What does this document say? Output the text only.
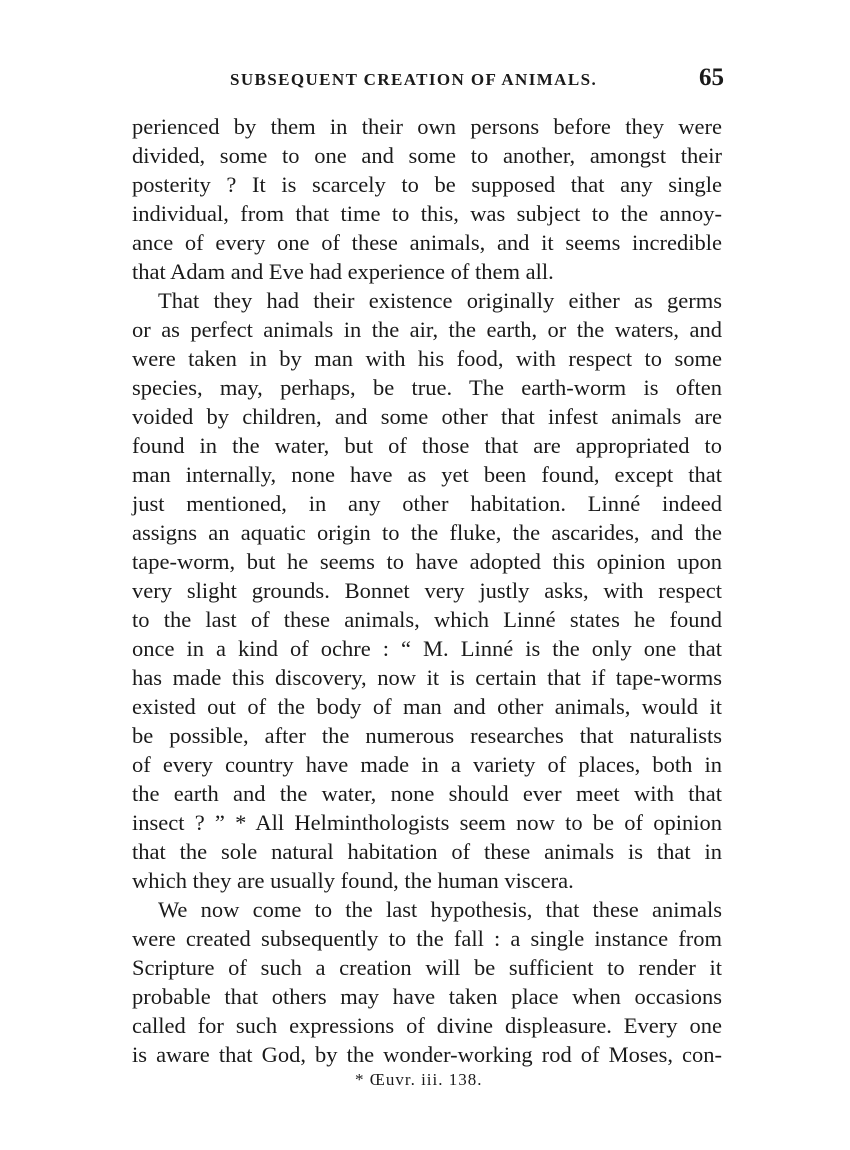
SUBSEQUENT CREATION OF ANIMALS.	65
perienced by them in their own persons before they were
divided, some to one and some to another, amongst their
posterity ? It is scarcely to be supposed that any single
individual, from that time to this, was subject to the annoy-
ance of every one of these animals, and it seems incredible
that Adam and Eve had experience of them all.
That they had their existence originally either as germs
or as perfect animals in the air, the earth, or the waters, and
were taken in by man with his food, with respect to some
species, may, perhaps, be true. The earth-worm is often
voided by children, and some other that infest animals are
found in the water, but of those that are appropriated to
man internally, none have as yet been found, except that
just mentioned, in any other habitation. Linné indeed
assigns an aquatic origin to the fluke, the ascarides, and the
tape-worm, but he seems to have adopted this opinion upon
very slight grounds. Bonnet very justly asks, with respect
to the last of these animals, which Linné states he found
once in a kind of ochre : “ M. Linné is the only one that
has made this discovery, now it is certain that if tape-worms
existed out of the body of man and other animals, would it
be possible, after the numerous researches that naturalists
of every country have made in a variety of places, both in
the earth and the water, none should ever meet with that
insect ? ” * All Helminthologists seem now to be of opinion
that the sole natural habitation of these animals is that in
which they are usually found, the human viscera.
We now come to the last hypothesis, that these animals
were created subsequently to the fall : a single instance from
Scripture of such a creation will be sufficient to render it
probable that others may have taken place when occasions
called for such expressions of divine displeasure. Every one
is aware that God, by the wonder-working rod of Moses, con-
* Œuvr. iii. 138.
